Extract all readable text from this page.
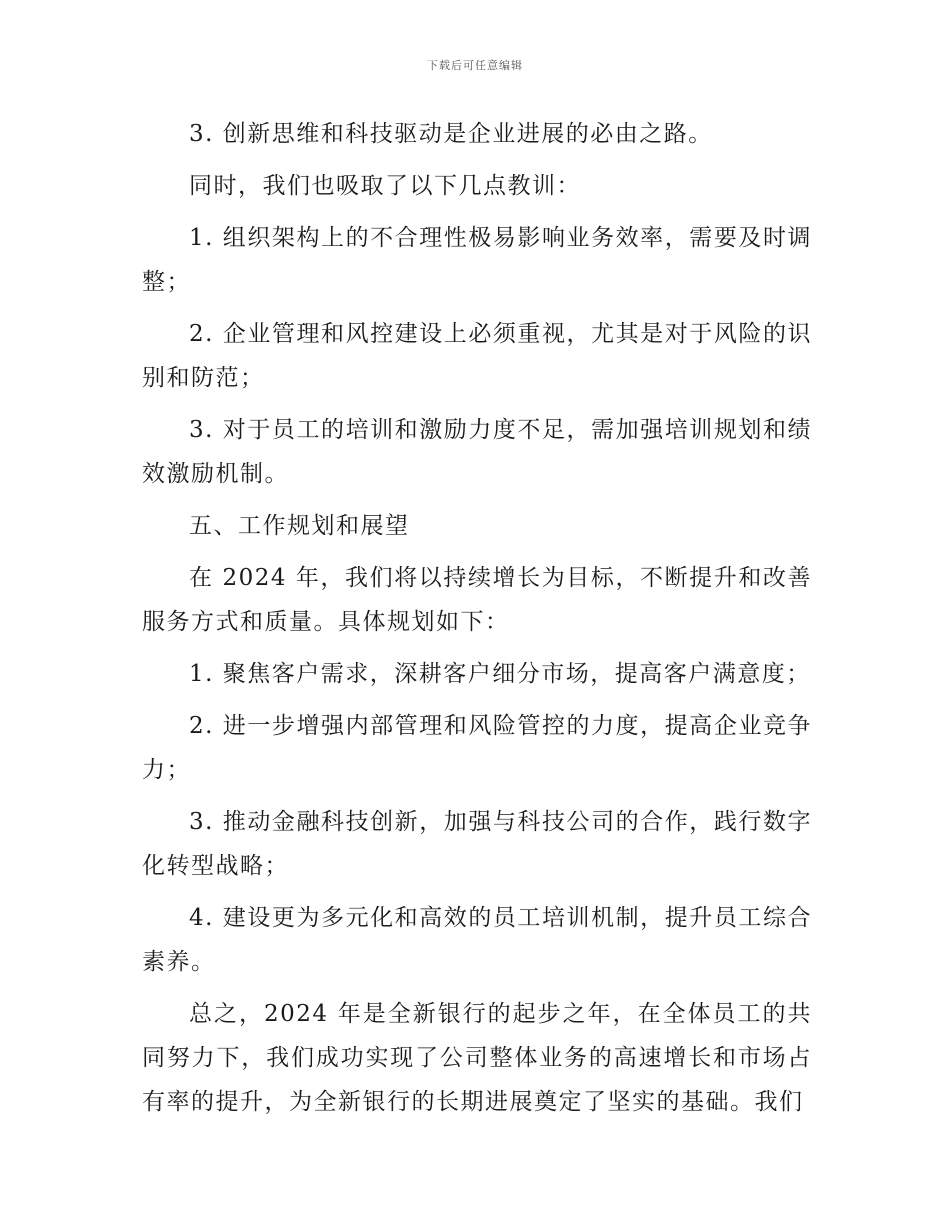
下载后可任意编辑

3. 创新思维和科技驱动是企业进展的必由之路。

同时，我们也吸取了以下几点教训：

1. 组织架构上的不合理性极易影响业务效率，需要及时调整；

2. 企业管理和风控建设上必须重视，尤其是对于风险的识别和防范；

3. 对于员工的培训和激励力度不足，需加强培训规划和绩效激励机制。

五、工作规划和展望

在 2024 年，我们将以持续增长为目标，不断提升和改善服务方式和质量。具体规划如下：

1. 聚焦客户需求，深耕客户细分市场，提高客户满意度；

2. 进一步增强内部管理和风险管控的力度，提高企业竞争力；

3. 推动金融科技创新，加强与科技公司的合作，践行数字化转型战略；

4. 建设更为多元化和高效的员工培训机制，提升员工综合素养。

总之，2024 年是全新银行的起步之年，在全体员工的共同努力下，我们成功实现了公司整体业务的高速增长和市场占有率的提升，为全新银行的长期进展奠定了坚实的基础。我们
